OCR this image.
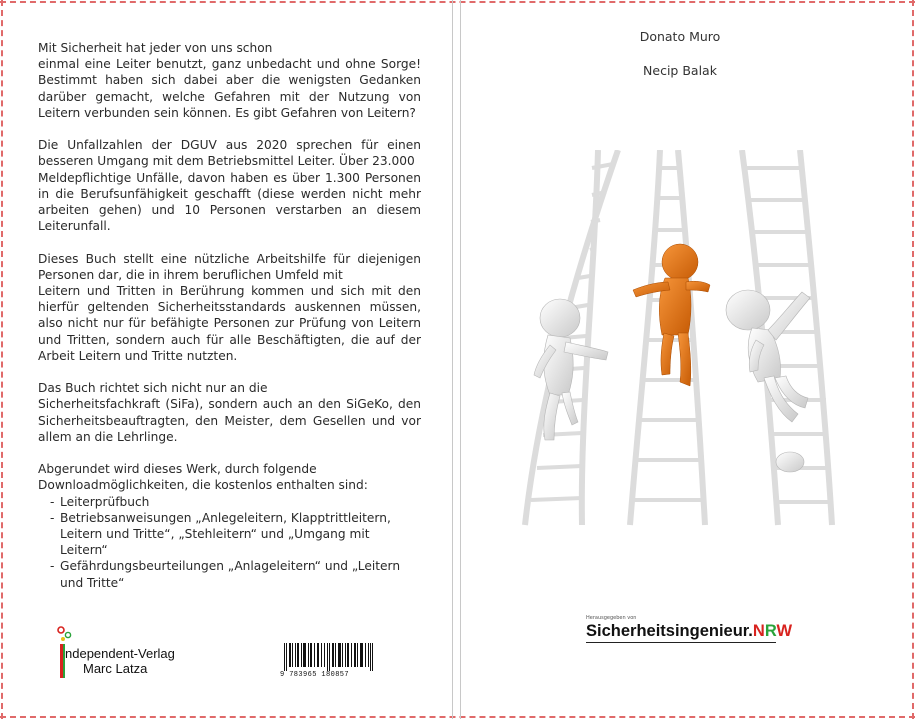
Mit Sicherheit hat jeder von uns schon

einmal eine Leiter benutzt, ganz unbedacht und ohne Sorge! Bestimmt haben sich dabei aber die wenigsten Gedanken darüber gemacht, welche Gefahren mit der Nutzung von Leitern verbunden sein können. Es gibt Gefahren von Leitern?

Die Unfallzahlen der DGUV aus 2020 sprechen für einen besseren Umgang mit dem Betriebsmittel Leiter. Über 23.000
Meldepflichtige Unfälle, davon haben es über 1.300 Personen in die Berufsunfähigkeit geschafft (diese werden nicht mehr arbeiten gehen) und 10 Personen verstarben an diesem Leiterunfall.

Dieses Buch stellt eine nützliche Arbeitshilfe für diejenigen Personen dar, die in ihrem beruflichen Umfeld mit
Leitern und Tritten in Berührung kommen und sich mit den hierfür geltenden Sicherheitsstandards auskennen müssen, also nicht nur für befähigte Personen zur Prüfung von Leitern und Tritten, sondern auch für alle Beschäftigten, die auf der Arbeit Leitern und Tritte nutzten.

Das Buch richtet sich nicht nur an die

Sicherheitsfachkraft (SiFa), sondern auch an den SiGeKo, den Sicherheitsbeauftragten, den Meister, dem Gesellen und vor allem an die Lehrlinge.

Abgerundet wird dieses Werk, durch folgende
Downloadmöglichkeiten, die kostenlos enthalten sind:

- Leiterprüfbuch
- Betriebsanweisungen „Anlegeleitern, Klapptrittleitern, Leitern und Tritte“, „Stehleitern“ und „Umgang mit Leitern“
- Gefährdungsbeurteilungen „Anlageleitern“ und „Leitern und Tritte“
ndependent-Verlag
Marc Latza	9 783965 180857
Donato Muro
Necip Balak
Herausgegeben von
Sicherheitsingenieur.NRW
